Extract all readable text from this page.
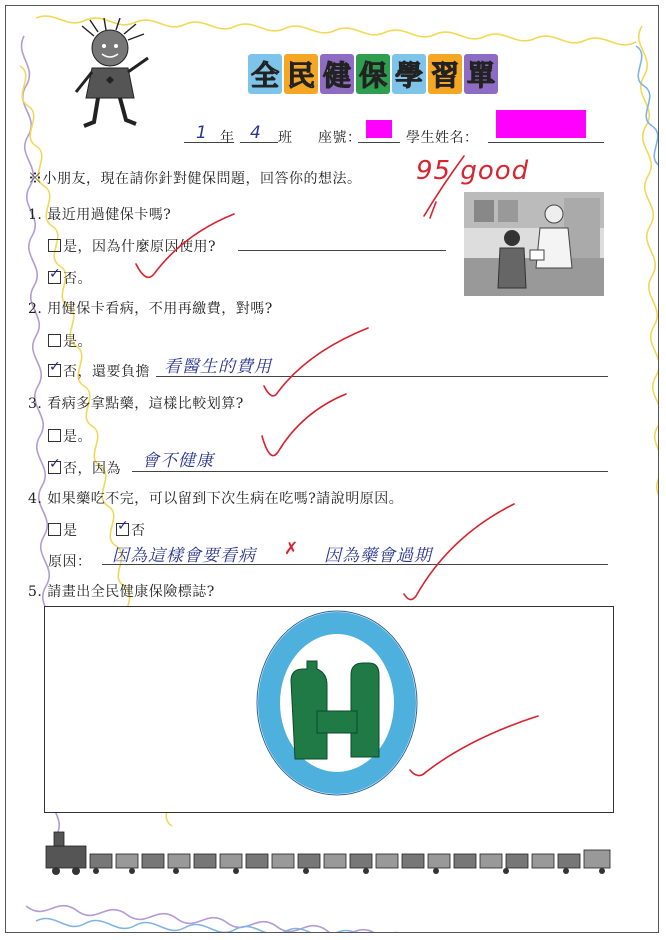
全 民 健 保 學 習 單
1 年 4 班 座號：	學生姓名：
95 good
※小朋友，現在請你針對健保問題，回答你的想法。
1. 最近用過健保卡嗎?
是，因為什麼原因使用?
✓否。
2. 用健保卡看病，不用再繳費，對嗎?
是。
✓否，還要負擔 看醫生的費用
3. 看病多拿點藥，這樣比較划算?
是。
✓否，因為 會不健康
4. 如果藥吃不完，可以留到下次生病在吃嗎?請說明原因。
是
✓	否
原因： 因為這樣會要看病 ✗ 因為藥會過期
5. 請畫出全民健康保險標誌?
